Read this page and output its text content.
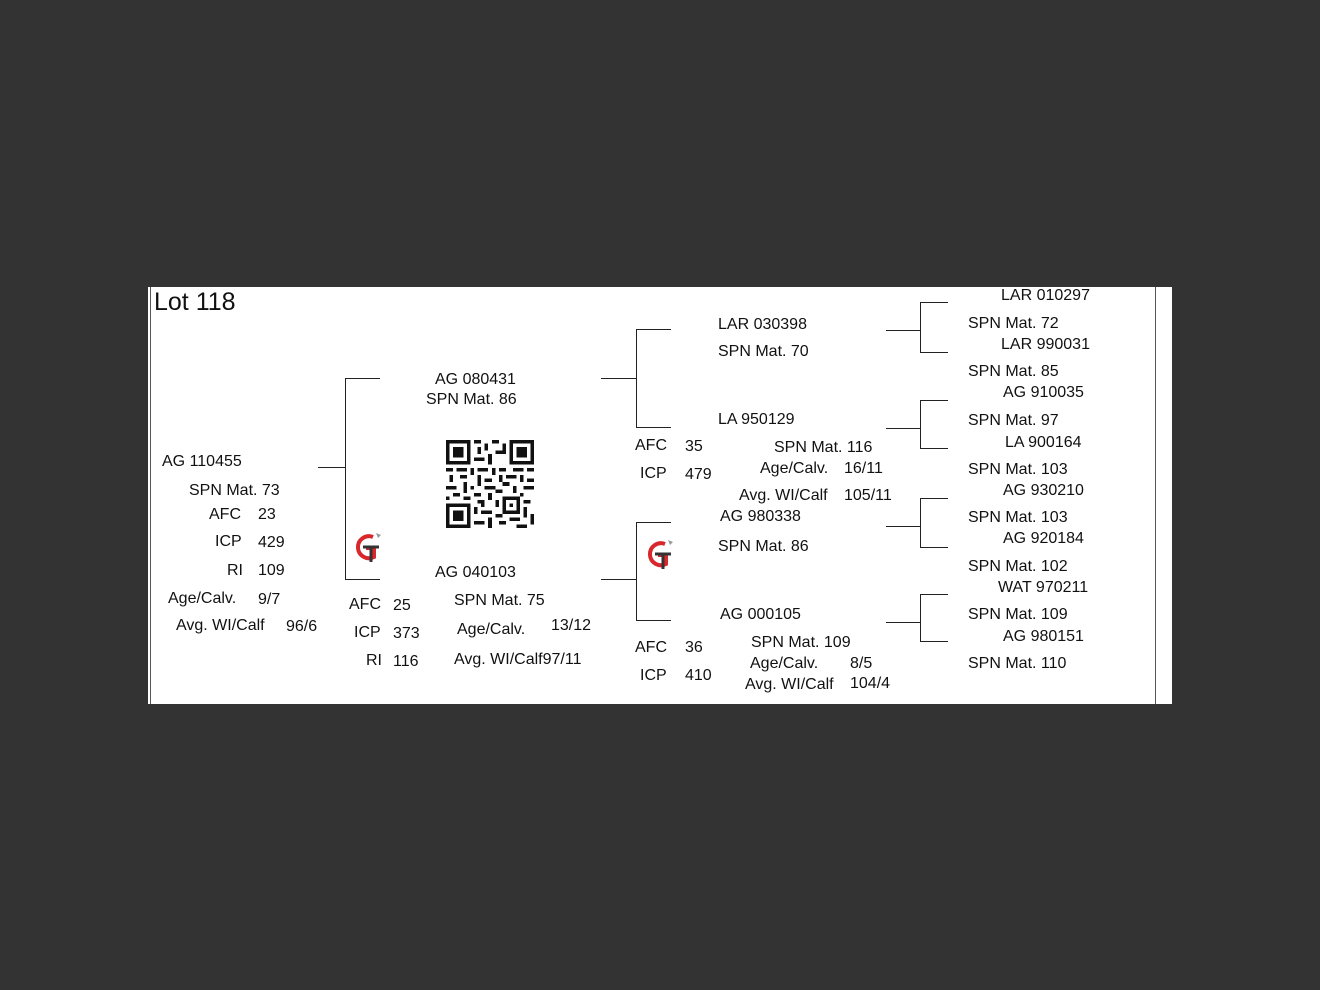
Lot 118
AG 110455
SPN Mat. 73
AFC 23
ICP 429
RI 109
Age/Calv. 9/7
Avg. WI/Calf 96/6
AG 080431
SPN Mat. 86
AG 040103
AFC 25	SPN Mat. 75
ICP 373 Age/Calv. 13/12
RI 116 Avg. WI/Calf97/11
AFC 35
ICP 479
AFC 36
ICP 410
LAR 030398
SPN Mat. 70
LA 950129
SPN Mat. 116
Age/Calv. 16/11
Avg. WI/Calf 105/11
AG 980338
SPN Mat. 86
AG 000105
SPN Mat. 109
Age/Calv. 8/5
Avg. WI/Calf 104/4
LAR 010297
SPN Mat. 72
LAR 990031
SPN Mat. 85
AG 910035
SPN Mat. 97
LA 900164
SPN Mat. 103
AG 930210
SPN Mat. 103
AG 920184
SPN Mat. 102
WAT 970211
SPN Mat. 109
AG 980151
SPN Mat. 110
